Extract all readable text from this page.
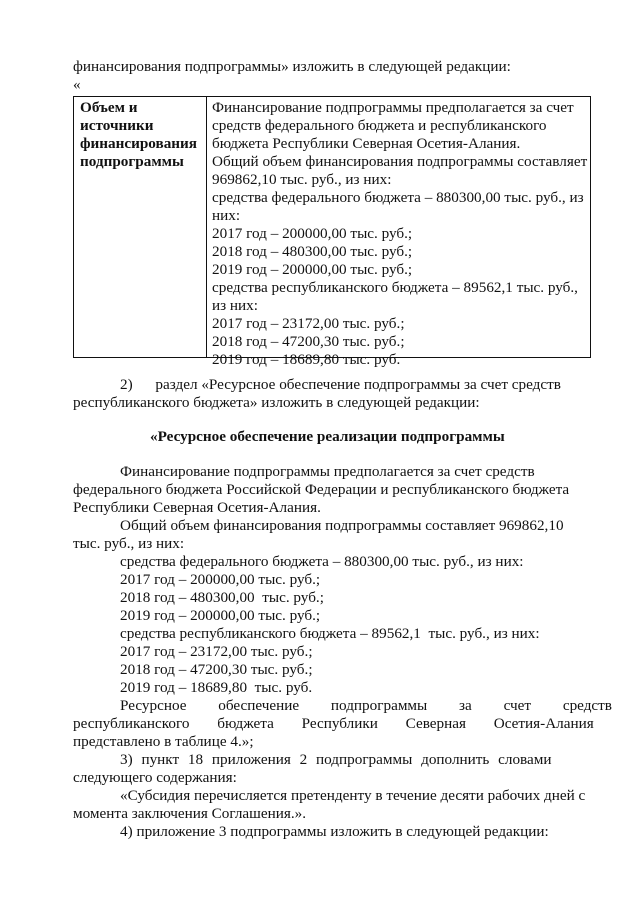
финансирования подпрограммы» изложить в следующей редакции:
«
Объем и
источники
финансирования
подпрограммы
Финансирование подпрограммы предполагается за счет
средств федерального бюджета и республиканского
бюджета Республики Северная Осетия-Алания.
Общий объем финансирования подпрограммы составляет
969862,10 тыс. руб., из них:
средства федерального бюджета – 880300,00 тыс. руб., из
них:
2017 год – 200000,00 тыс. руб.;
2018 год – 480300,00 тыс. руб.;
2019 год – 200000,00 тыс. руб.;
средства республиканского бюджета – 89562,1 тыс. руб.,
из них:
2017 год – 23172,00 тыс. руб.;
2018 год – 47200,30 тыс. руб.;
2019 год – 18689,80 тыс. руб.
2)      раздел «Ресурсное обеспечение подпрограммы за счет средств
республиканского бюджета» изложить в следующей редакции:
«Ресурсное обеспечение реализации подпрограммы
Финансирование подпрограммы предполагается за счет средств
федерального бюджета Российской Федерации и республиканского бюджета
Республики Северная Осетия-Алания.
Общий объем финансирования подпрограммы составляет 969862,10
тыс. руб., из них:
средства федерального бюджета – 880300,00 тыс. руб., из них:
2017 год – 200000,00 тыс. руб.;
2018 год – 480300,00  тыс. руб.;
2019 год – 200000,00 тыс. руб.;
средства республиканского бюджета – 89562,1  тыс. руб., из них:
2017 год – 23172,00 тыс. руб.;
2018 год – 47200,30 тыс. руб.;
2019 год – 18689,80  тыс. руб.
Ресурсное обеспечение подпрограммы за счет средств
республиканского бюджета Республики Северная Осетия-Алания
представлено в таблице 4.»;
3) пункт 18 приложения 2 подпрограммы дополнить словами
следующего содержания:
«Субсидия перечисляется претенденту в течение десяти рабочих дней с
момента заключения Соглашения.».
4) приложение 3 подпрограммы изложить в следующей редакции:
